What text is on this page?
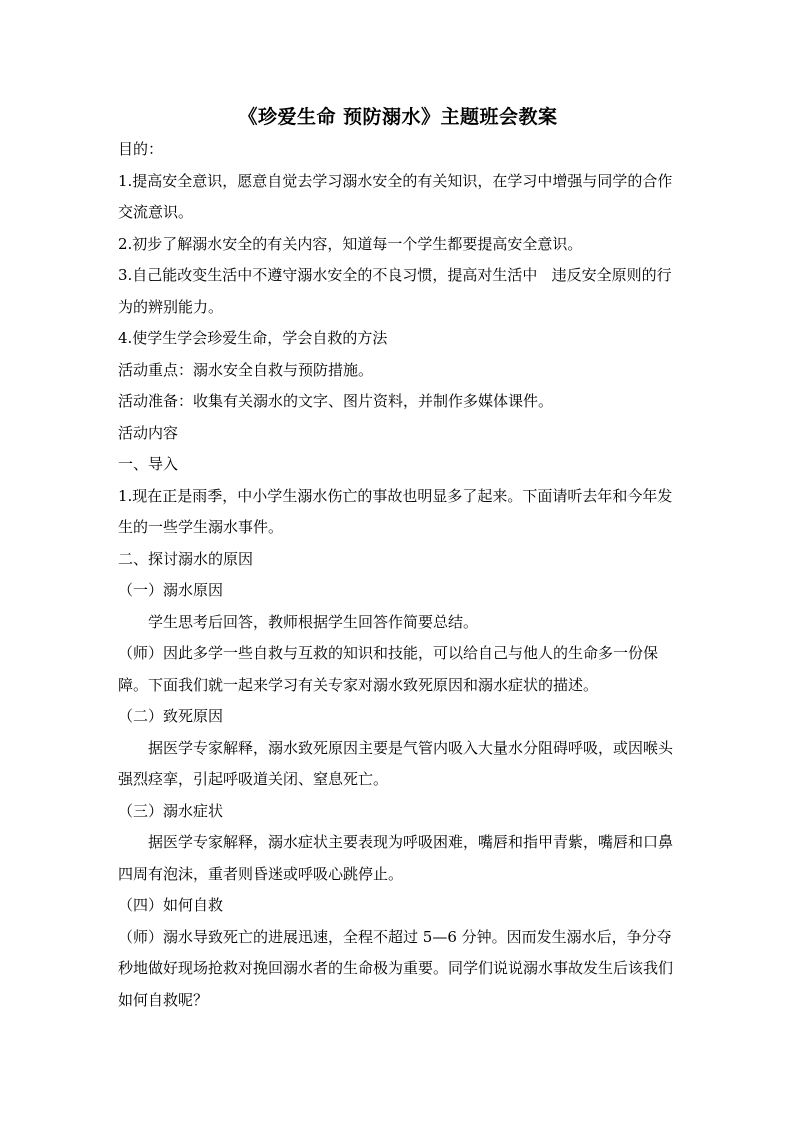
《珍爱生命 预防溺水》主题班会教案

目的：

1.提高安全意识，愿意自觉去学习溺水安全的有关知识，在学习中增强与同学的合作交流意识。

2.初步了解溺水安全的有关内容，知道每一个学生都要提高安全意识。

3.自己能改变生活中不遵守溺水安全的不良习惯，提高对生活中   违反安全原则的行为的辨别能力。

4.使学生学会珍爱生命，学会自救的方法

活动重点：溺水安全自救与预防措施。

活动准备：收集有关溺水的文字、图片资料，并制作多媒体课件。

活动内容

一、导入

1.现在正是雨季，中小学生溺水伤亡的事故也明显多了起来。下面请听去年和今年发生的一些学生溺水事件。

二、探讨溺水的原因

（一）溺水原因

学生思考后回答，教师根据学生回答作简要总结。

（师）因此多学一些自救与互救的知识和技能，可以给自己与他人的生命多一份保障。下面我们就一起来学习有关专家对溺水致死原因和溺水症状的描述。

（二）致死原因

据医学专家解释，溺水致死原因主要是气管内吸入大量水分阻碍呼吸，或因喉头强烈痉挛，引起呼吸道关闭、窒息死亡。

（三）溺水症状

据医学专家解释，溺水症状主要表现为呼吸困难，嘴唇和指甲青紫，嘴唇和口鼻四周有泡沫，重者则昏迷或呼吸心跳停止。

（四）如何自救

（师）溺水导致死亡的进展迅速，全程不超过 5—6 分钟。因而发生溺水后，争分夺秒地做好现场抢救对挽回溺水者的生命极为重要。同学们说说溺水事故发生后该我们如何自救呢？
